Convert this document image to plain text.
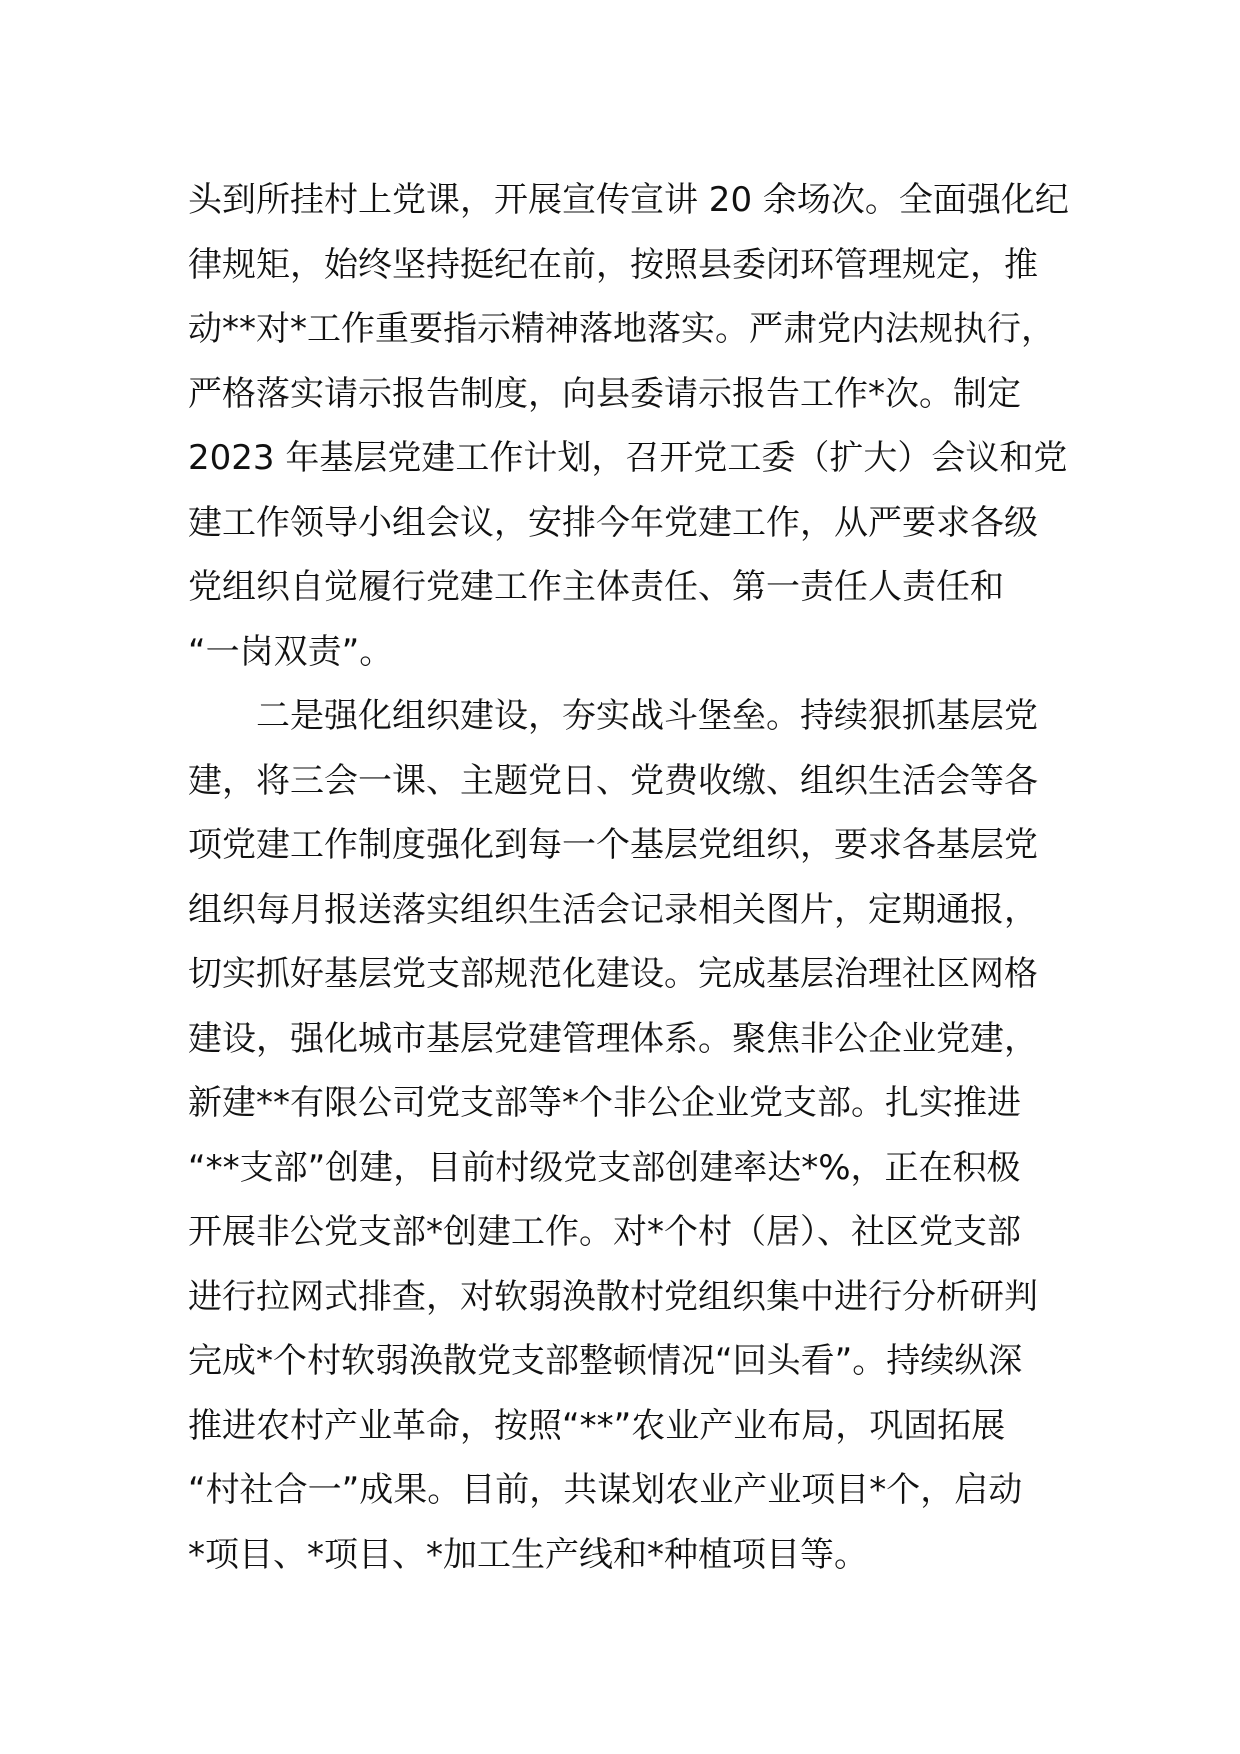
头到所挂村上党课，开展宣传宣讲 20 余场次。全面强化纪
律规矩，始终坚持挺纪在前，按照县委闭环管理规定，推
动**对*工作重要指示精神落地落实。严肃党内法规执行，
严格落实请示报告制度，向县委请示报告工作*次。制定
2023 年基层党建工作计划，召开党工委（扩大）会议和党
建工作领导小组会议，安排今年党建工作，从严要求各级
党组织自觉履行党建工作主体责任、第一责任人责任和
“一岗双责”。
二是强化组织建设，夯实战斗堡垒。持续狠抓基层党
建，将三会一课、主题党日、党费收缴、组织生活会等各
项党建工作制度强化到每一个基层党组织，要求各基层党
组织每月报送落实组织生活会记录相关图片，定期通报，
切实抓好基层党支部规范化建设。完成基层治理社区网格
建设，强化城市基层党建管理体系。聚焦非公企业党建，
新建**有限公司党支部等*个非公企业党支部。扎实推进
“**支部”创建，目前村级党支部创建率达*%，正在积极
开展非公党支部*创建工作。对*个村（居）、社区党支部
进行拉网式排查，对软弱涣散村党组织集中进行分析研判
完成*个村软弱涣散党支部整顿情况“回头看”。持续纵深
推进农村产业革命，按照“**”农业产业布局，巩固拓展
“村社合一”成果。目前，共谋划农业产业项目*个，启动
*项目、*项目、*加工生产线和*种植项目等。
